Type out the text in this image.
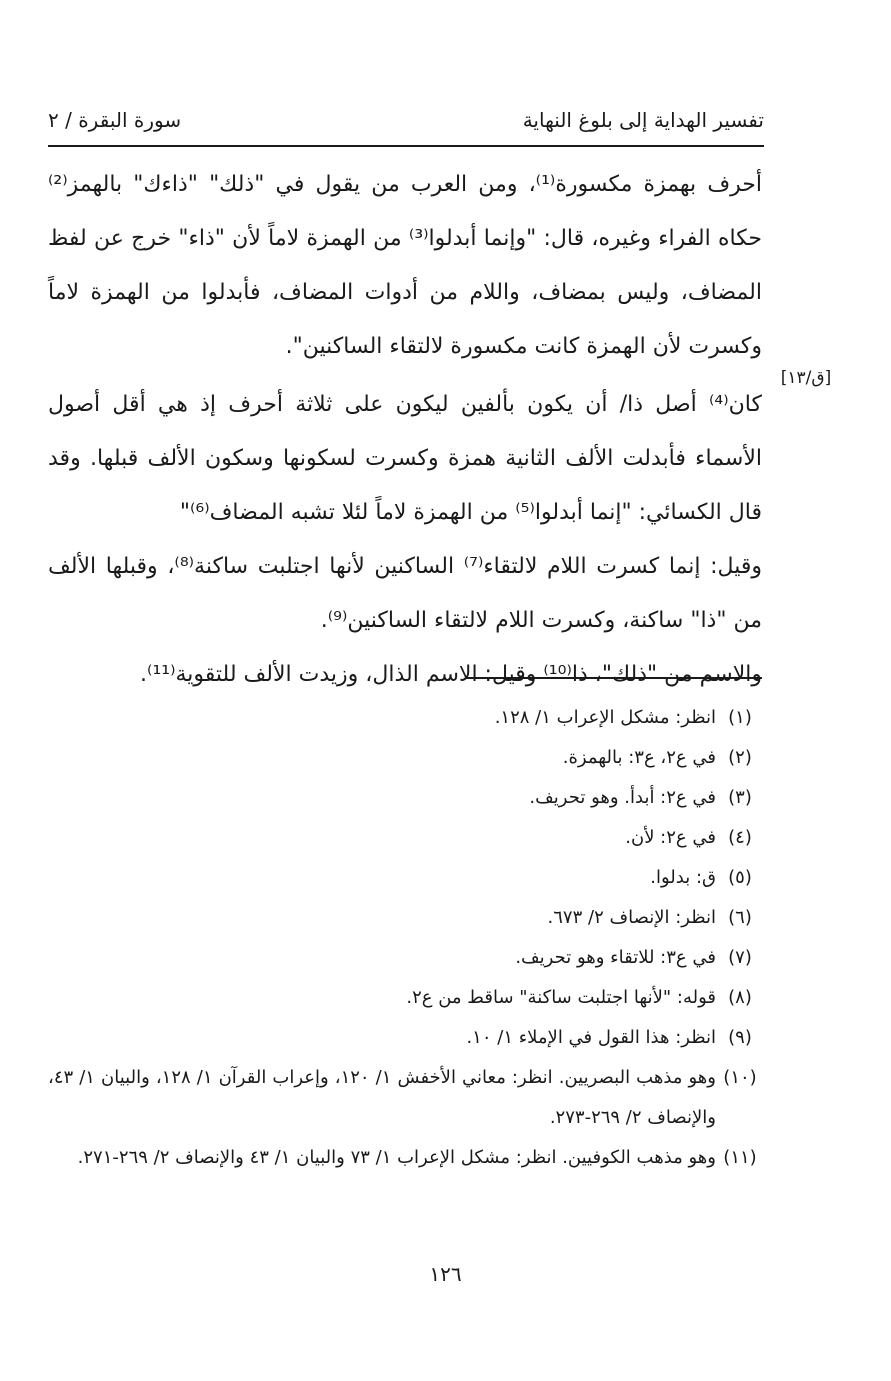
تفسير الهداية إلى بلوغ النهاية
سورة البقرة / ٢
[ق/١٣]

أحرف بهمزة مكسورة⁽¹⁾، ومن العرب من يقول في "ذلك" "ذاءك" بالهمز⁽²⁾ حكاه الفراء وغيره، قال: "وإنما أبدلوا⁽³⁾ من الهمزة لاماً لأن "ذاء" خرج عن لفظ المضاف، وليس بمضاف، واللام من أدوات المضاف، فأبدلوا من الهمزة لاماً وكسرت لأن الهمزة كانت مكسورة لالتقاء الساكنين".

كان⁽⁴⁾ أصل ذا/ أن يكون بألفين ليكون على ثلاثة أحرف إذ هي أقل أصول الأسماء فأبدلت الألف الثانية همزة وكسرت لسكونها وسكون الألف قبلها. وقد قال الكسائي: "إنما أبدلوا⁽⁵⁾ من الهمزة لاماً لئلا تشبه المضاف⁽⁶⁾"

وقيل: إنما كسرت اللام لالتقاء⁽⁷⁾ الساكنين لأنها اجتلبت ساكنة⁽⁸⁾، وقبلها الألف من "ذا" ساكنة، وكسرت اللام لالتقاء الساكنين⁽⁹⁾.

والاسم من "ذلك"، ذا⁽¹⁰⁾ وقيل: الاسم الذال، وزيدت الألف للتقوية⁽¹¹⁾.

(١)
انظر: مشكل الإعراب ١/ ١٢٨.
(٢)
في ع٢، ع٣: بالهمزة.
(٣)
في ع٢: أبدأ. وهو تحريف.
(٤)
في ع٢: لأن.
(٥)
ق: بدلوا.
(٦)
انظر: الإنصاف ٢/ ٦٧٣.
(٧)
في ع٣: للاتقاء وهو تحريف.
(٨)
قوله: "لأنها اجتلبت ساكنة" ساقط من ع٢.
(٩)
انظر: هذا القول في الإملاء ١/ ١٠.
(١٠)
وهو مذهب البصريين. انظر: معاني الأخفش ١/ ١٢٠، وإعراب القرآن ١/ ١٢٨، والبيان ١/ ٤٣، والإنصاف ٢/ ٢٦٩-٢٧٣.
(١١)
وهو مذهب الكوفيين. انظر: مشكل الإعراب ١/ ٧٣ والبيان ١/ ٤٣ والإنصاف ٢/ ٢٦٩-٢٧١.
١٢٦
